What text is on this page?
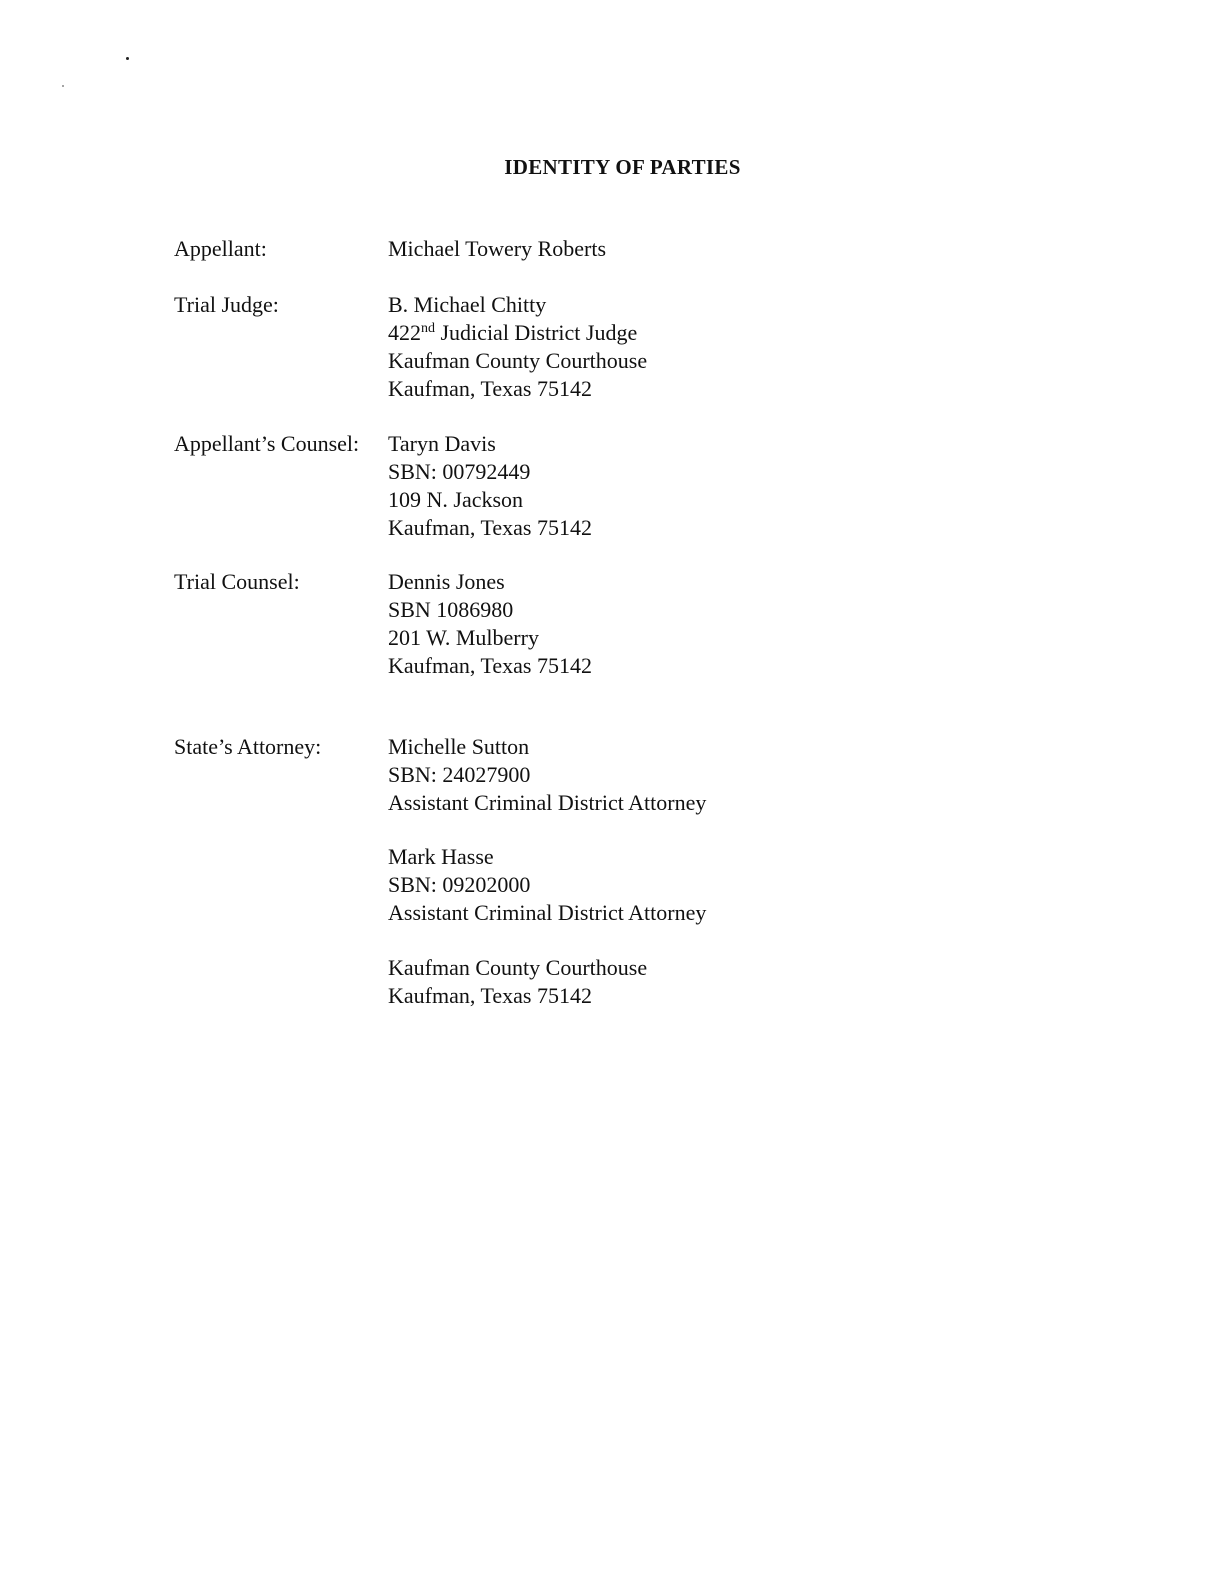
IDENTITY OF PARTIES
Appellant:	Michael Towery Roberts
Trial Judge:	B. Michael Chitty
422nd Judicial District Judge
Kaufman County Courthouse
Kaufman, Texas 75142
Appellant’s Counsel: Taryn Davis
SBN: 00792449
109 N. Jackson
Kaufman, Texas 75142
Trial Counsel:	Dennis Jones
SBN 1086980
201 W. Mulberry
Kaufman, Texas 75142
State’s Attorney:	Michelle Sutton
SBN: 24027900
Assistant Criminal District Attorney
Mark Hasse
SBN: 09202000
Assistant Criminal District Attorney
Kaufman County Courthouse
Kaufman, Texas 75142
